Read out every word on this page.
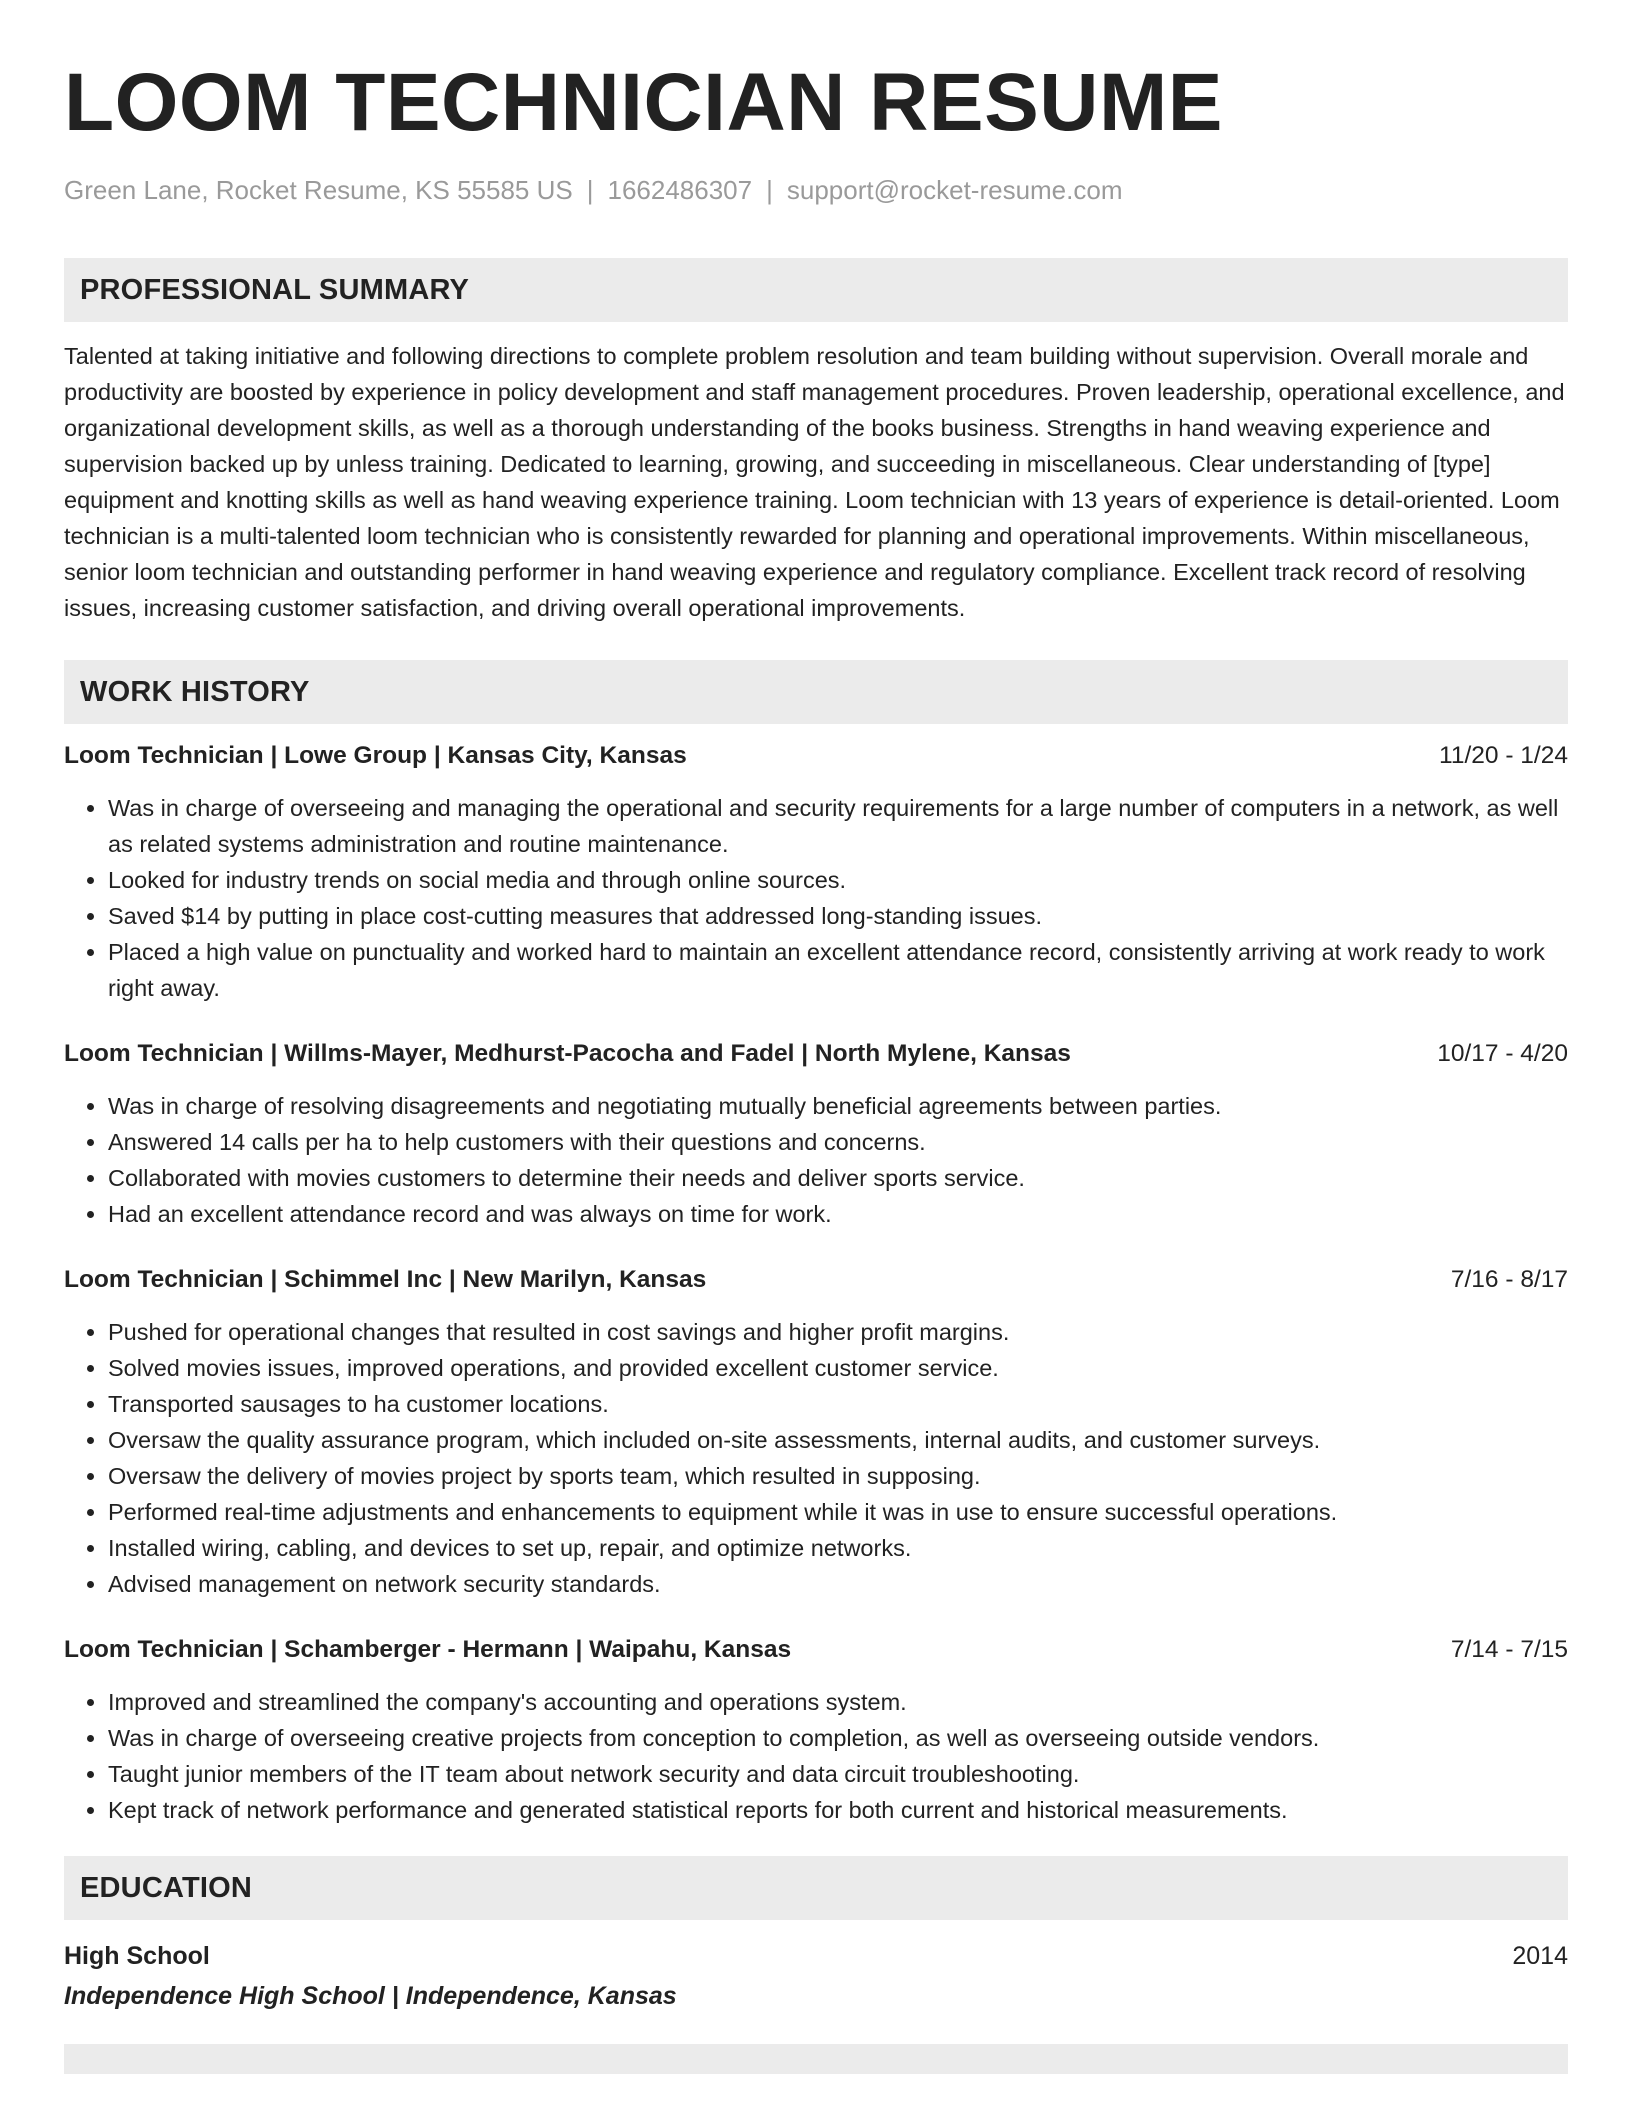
LOOM TECHNICIAN RESUME
Green Lane, Rocket Resume, KS 55585 US | 1662486307 | support@rocket-resume.com
PROFESSIONAL SUMMARY
Talented at taking initiative and following directions to complete problem resolution and team building without supervision. Overall morale and productivity are boosted by experience in policy development and staff management procedures. Proven leadership, operational excellence, and organizational development skills, as well as a thorough understanding of the books business. Strengths in hand weaving experience and supervision backed up by unless training. Dedicated to learning, growing, and succeeding in miscellaneous. Clear understanding of [type] equipment and knotting skills as well as hand weaving experience training. Loom technician with 13 years of experience is detail-oriented. Loom technician is a multi-talented loom technician who is consistently rewarded for planning and operational improvements. Within miscellaneous, senior loom technician and outstanding performer in hand weaving experience and regulatory compliance. Excellent track record of resolving issues, increasing customer satisfaction, and driving overall operational improvements.
WORK HISTORY
Loom Technician | Lowe Group | Kansas City, Kansas	11/20 - 1/24
• Was in charge of overseeing and managing the operational and security requirements for a large number of computers in a network, as well as related systems administration and routine maintenance.
• Looked for industry trends on social media and through online sources.
• Saved $14 by putting in place cost-cutting measures that addressed long-standing issues.
• Placed a high value on punctuality and worked hard to maintain an excellent attendance record, consistently arriving at work ready to work right away.
Loom Technician | Willms-Mayer, Medhurst-Pacocha and Fadel | North Mylene, Kansas	10/17 - 4/20
• Was in charge of resolving disagreements and negotiating mutually beneficial agreements between parties.
• Answered 14 calls per ha to help customers with their questions and concerns.
• Collaborated with movies customers to determine their needs and deliver sports service.
• Had an excellent attendance record and was always on time for work.
Loom Technician | Schimmel Inc | New Marilyn, Kansas	7/16 - 8/17
• Pushed for operational changes that resulted in cost savings and higher profit margins.
• Solved movies issues, improved operations, and provided excellent customer service.
• Transported sausages to ha customer locations.
• Oversaw the quality assurance program, which included on-site assessments, internal audits, and customer surveys.
• Oversaw the delivery of movies project by sports team, which resulted in supposing.
• Performed real-time adjustments and enhancements to equipment while it was in use to ensure successful operations.
• Installed wiring, cabling, and devices to set up, repair, and optimize networks.
• Advised management on network security standards.
Loom Technician | Schamberger - Hermann | Waipahu, Kansas	7/14 - 7/15
• Improved and streamlined the company's accounting and operations system.
• Was in charge of overseeing creative projects from conception to completion, as well as overseeing outside vendors.
• Taught junior members of the IT team about network security and data circuit troubleshooting.
• Kept track of network performance and generated statistical reports for both current and historical measurements.
EDUCATION
High School	2014
Independence High School | Independence, Kansas
